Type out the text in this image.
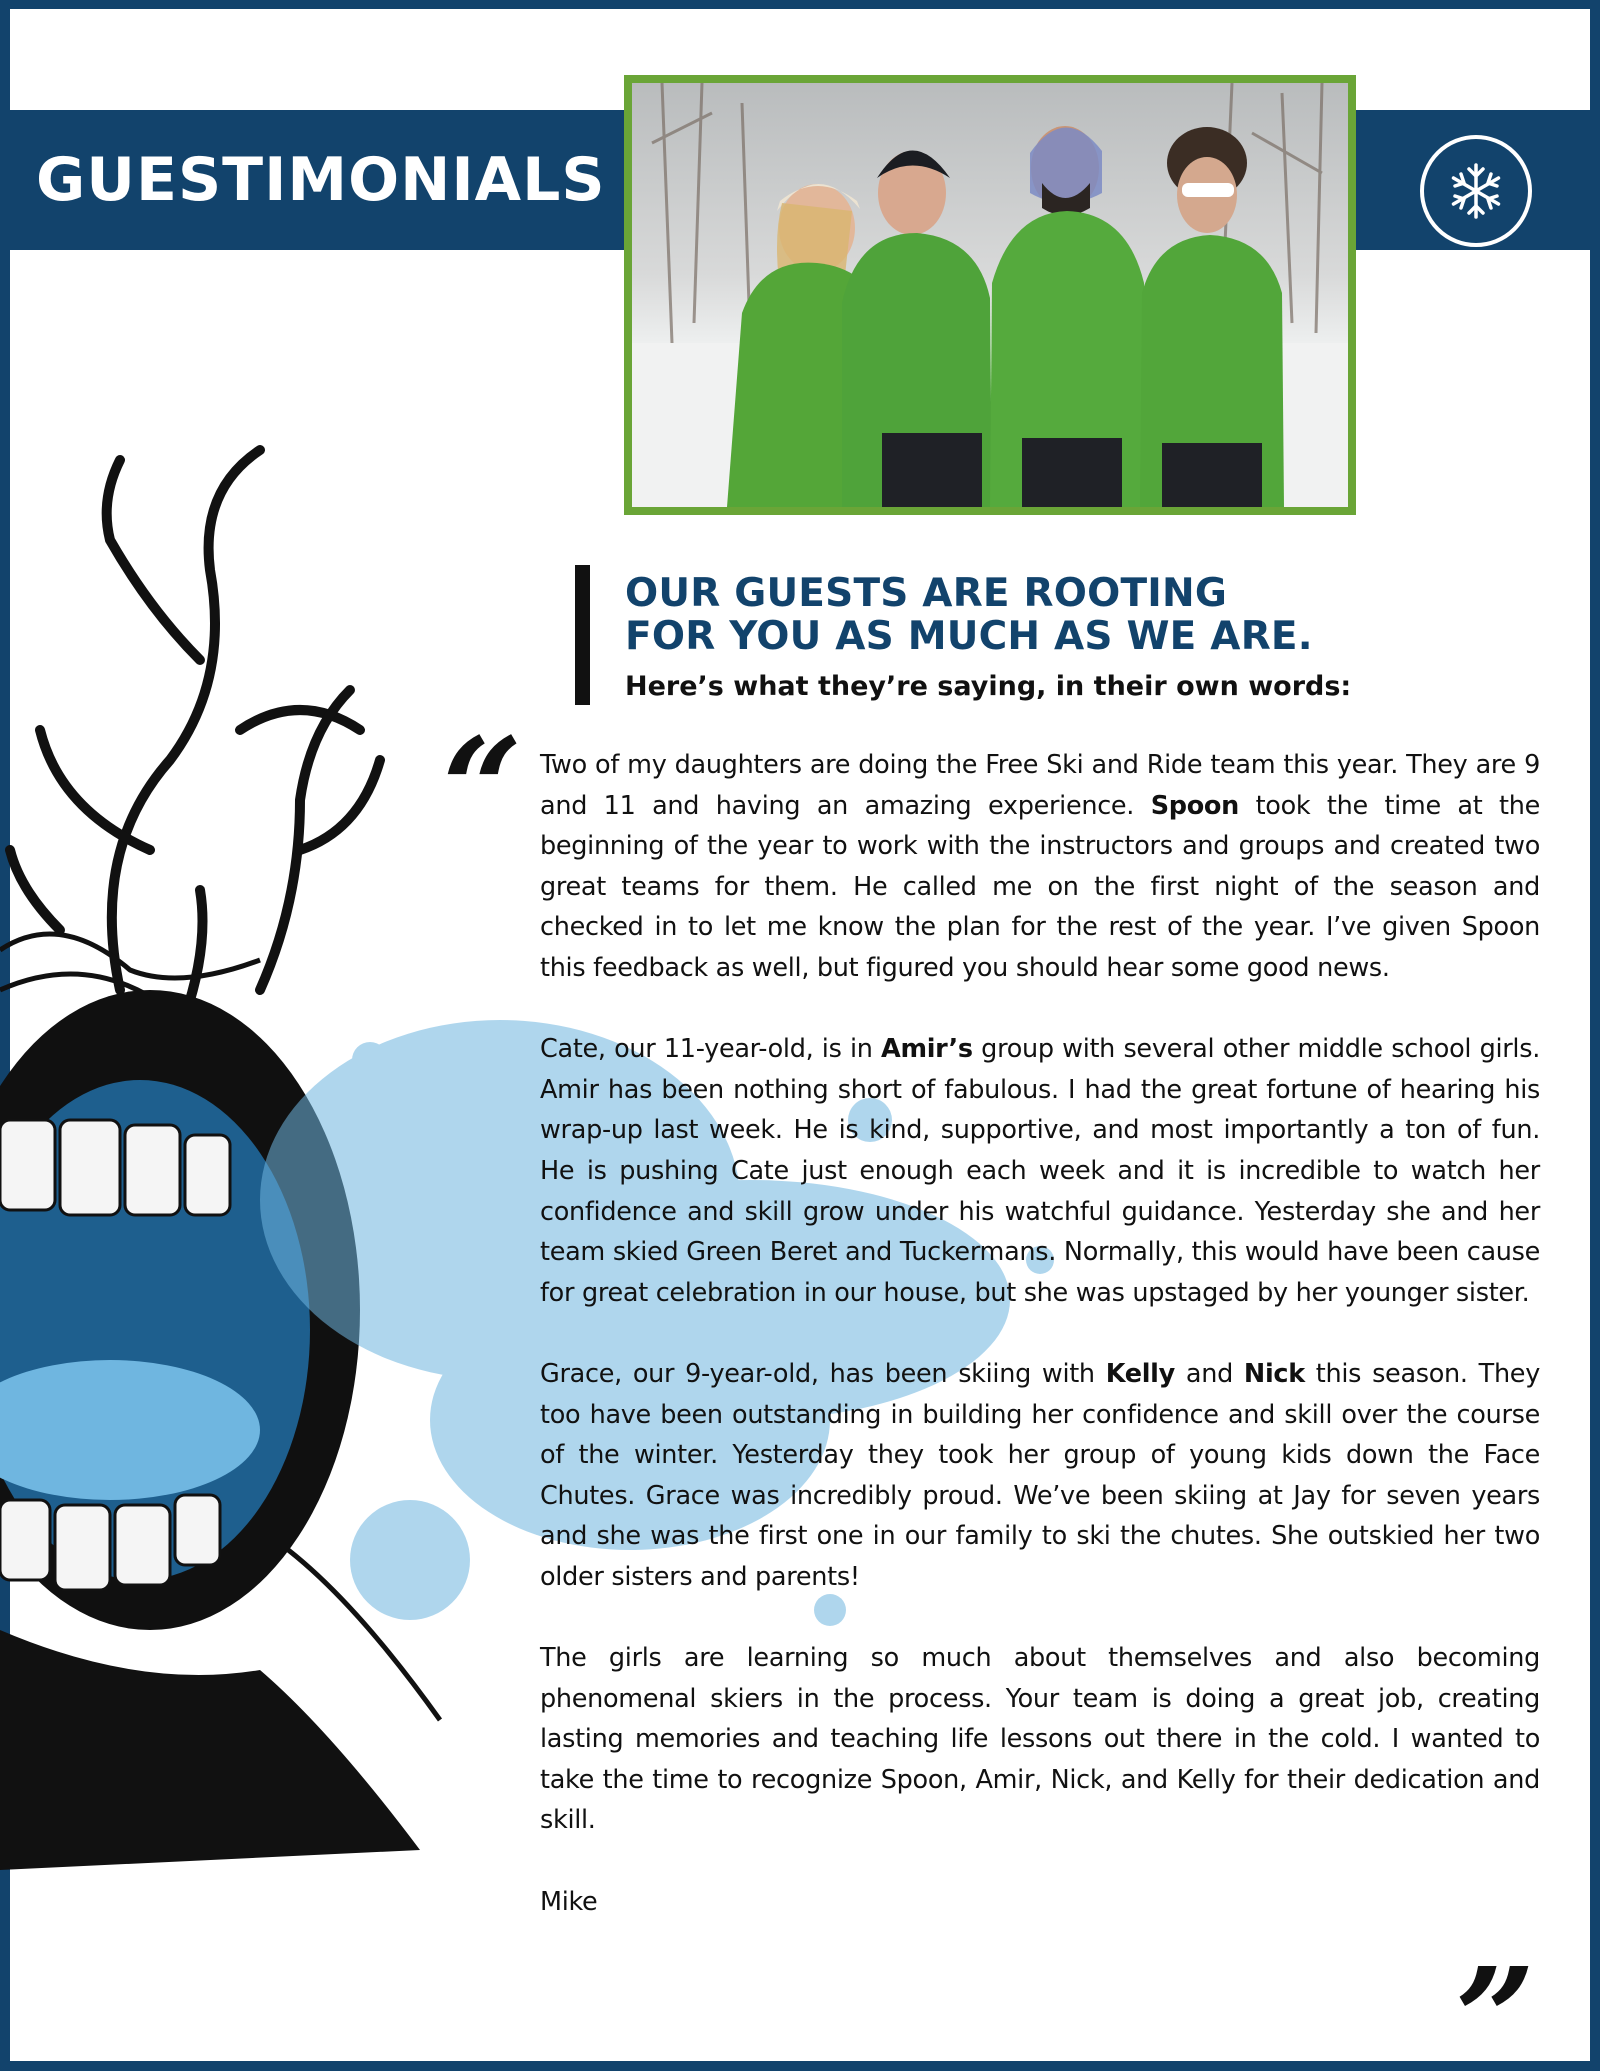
GUESTIMONIALS
OUR GUESTS ARE ROOTING
FOR YOU AS MUCH AS WE ARE.
Here’s what they’re saying, in their own words:
“
”

Two of my daughters are doing the Free Ski and Ride team this year. They are 9 and 11 and having an amazing experience. Spoon took the time at the beginning of the year to work with the instructors and groups and created two great teams for them. He called me on the first night of the season and checked in to let me know the plan for the rest of the year. I’ve given Spoon this feedback as well, but figured you should hear some good news.

Cate, our 11-year-old, is in Amir’s group with several other middle school girls. Amir has been nothing short of fabulous. I had the great fortune of hearing his wrap-up last week. He is kind, supportive, and most importantly a ton of fun. He is pushing Cate just enough each week and it is incredible to watch her confidence and skill grow under his watchful guidance. Yesterday she and her team skied Green Beret and Tuckermans. Normally, this would have been cause for great celebration in our house, but she was upstaged by her younger sister.

Grace, our 9-year-old, has been skiing with Kelly and Nick this season. They too have been outstanding in building her confidence and skill over the course of the winter. Yesterday they took her group of young kids down the Face Chutes. Grace was incredibly proud. We’ve been skiing at Jay for seven years and she was the first one in our family to ski the chutes. She outskied her two older sisters and parents!

The girls are learning so much about themselves and also becoming phenomenal skiers in the process. Your team is doing a great job, creating lasting memories and teaching life lessons out there in the cold. I wanted to take the time to recognize Spoon, Amir, Nick, and Kelly for their dedication and skill.

Mike
